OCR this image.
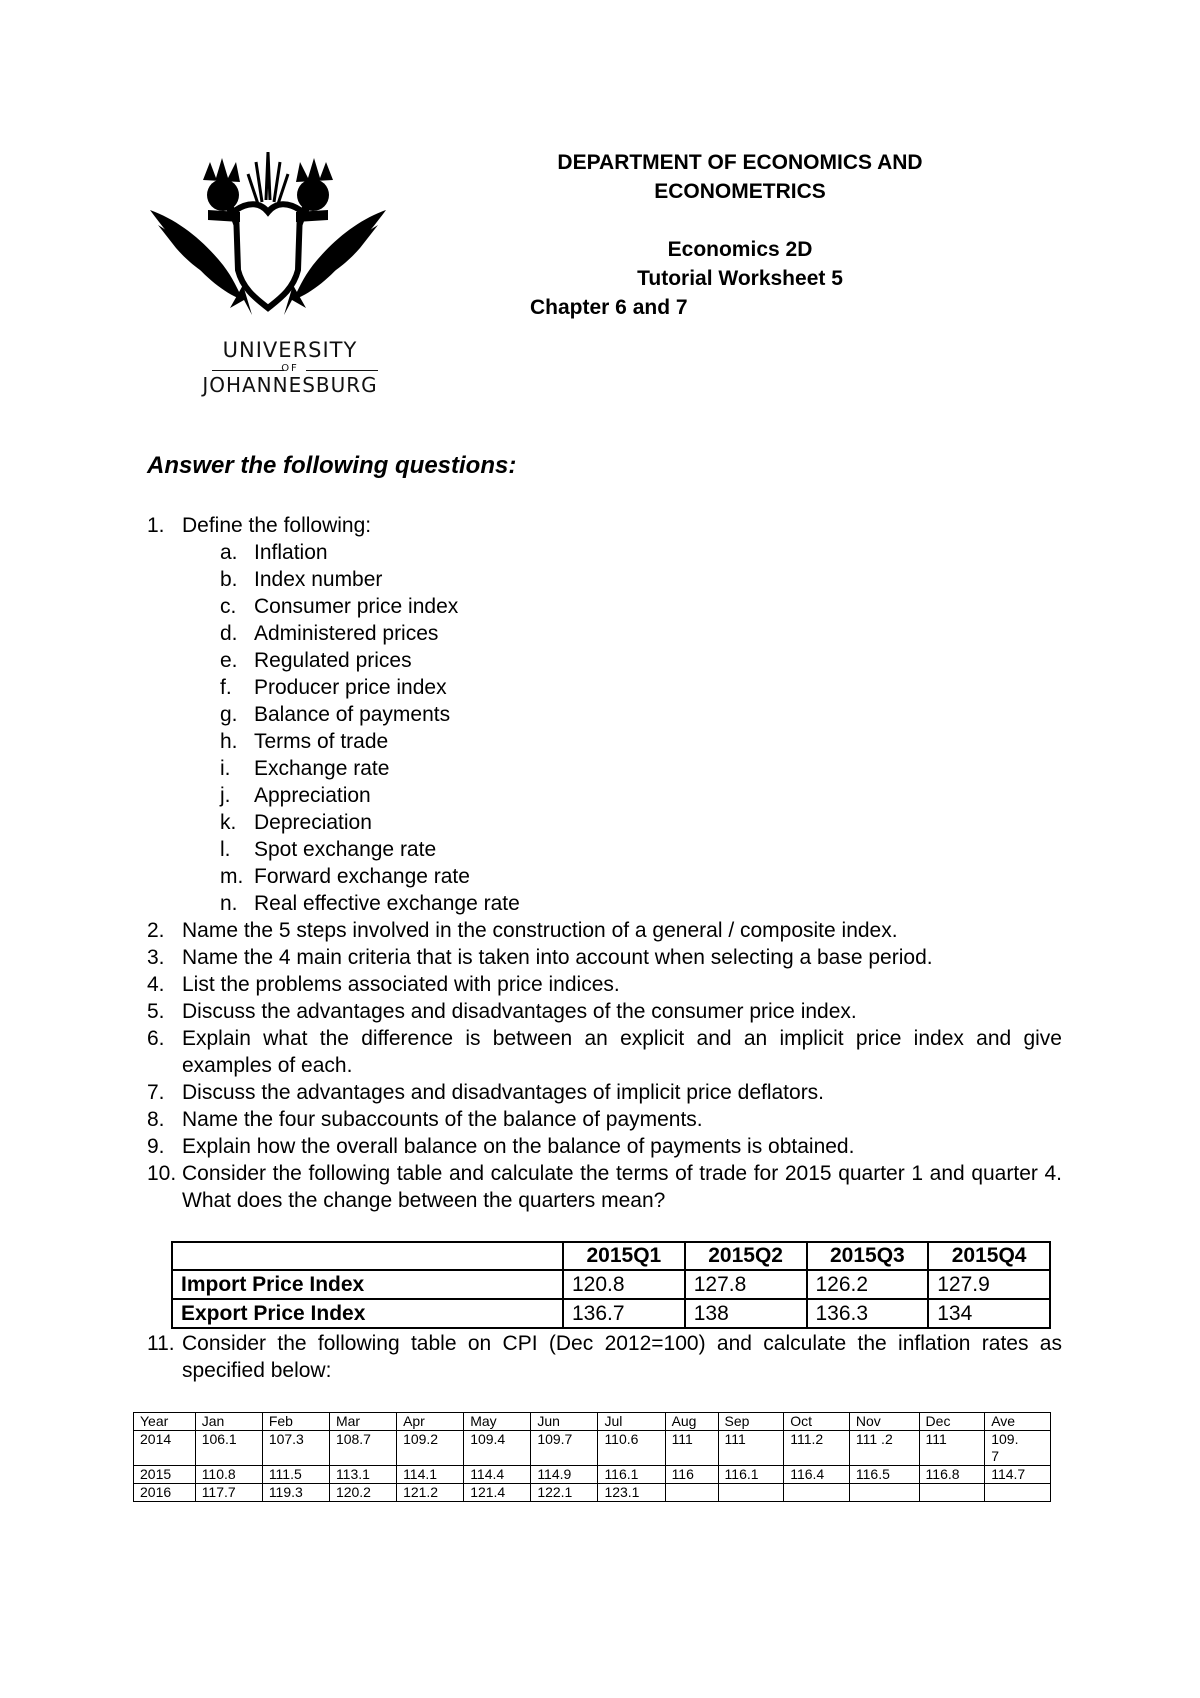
UNIVERSITY
OF
JOHANNESBURG
DEPARTMENT OF ECONOMICS AND
ECONOMETRICS
Economics 2D
Tutorial Worksheet 5
Chapter 6 and 7
Answer the following questions:
1. Define the following:
a. Inflation
b. Index number
c. Consumer price index
d. Administered prices
e. Regulated prices
f. Producer price index
g. Balance of payments
h. Terms of trade
i. Exchange rate
j. Appreciation
k. Depreciation
l. Spot exchange rate
m. Forward exchange rate
n. Real effective exchange rate
2. Name the 5 steps involved in the construction of a general / composite index.
3. Name the 4 main criteria that is taken into account when selecting a base period.
4. List the problems associated with price indices.
5. Discuss the advantages and disadvantages of the consumer price index.
6. Explain what the difference is between an explicit and an implicit price index and give examples of each.
7. Discuss the advantages and disadvantages of implicit price deflators.
8. Name the four subaccounts of the balance of payments.
9. Explain how the overall balance on the balance of payments is obtained.
10. Consider the following table and calculate the terms of trade for 2015 quarter 1 and quarter 4. What does the change between the quarters mean?
	2015Q1	2015Q2	2015Q3	2015Q4
Import Price Index	120.8	127.8	126.2	127.9
Export Price Index	136.7	138	136.3	134
11. Consider the following table on CPI (Dec 2012=100) and calculate the inflation rates as specified below:
Year	Jan	Feb	Mar	Apr	May	Jun	Jul	Aug	Sep	Oct	Nov	Dec	Ave
2014	106.1	107.3	108.7	109.2	109.4	109.7	110.6	111	111	111.2	111 .2	111	109.
7
2015	110.8	111.5	113.1	114.1	114.4	114.9	116.1	116	116.1	116.4	116.5	116.8	114.7
2016	117.7	119.3	120.2	121.2	121.4	122.1	123.1						
